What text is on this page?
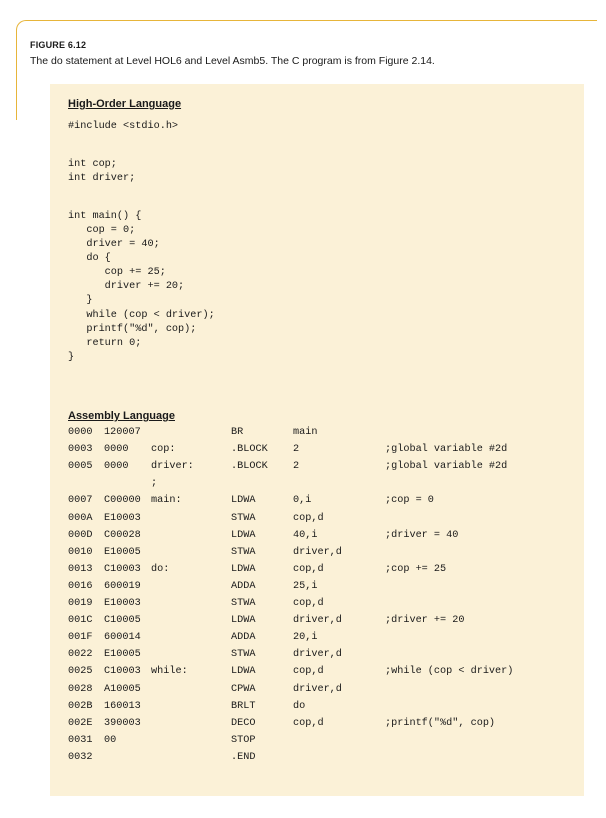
FIGURE 6.12
The do statement at Level HOL6 and Level Asmb5. The C program is from Figure 2.14.
High-Order Language
#include <stdio.h>
int cop;
int driver;
int main() {
cop = 0;
driver = 40;
do {
cop += 25;
driver += 20;
}
while (cop < driver);
printf("%d", cop);
return 0;
}
Assembly Language
0000 120007	BR	main
0003 0000 cop:	.BLOCK 2	;global variable #2d
0005 0000 driver:	.BLOCK 2	;global variable #2d
;
0007 C00000 main:	LDWA	0,i	;cop = 0
000A E10003	STWA	cop,d
000D C00028	LDWA	40,i	;driver = 40
0010 E10005	STWA	driver,d
0013 C10003 do:	LDWA	cop,d	;cop += 25
0016 600019	ADDA	25,i
0019 E10003	STWA	cop,d
001C C10005	LDWA	driver,d	;driver += 20
001F 600014	ADDA	20,i
0022 E10005	STWA	driver,d
0025 C10003 while:	LDWA	cop,d	;while (cop < driver)
0028 A10005	CPWA	driver,d
002B 160013	BRLT	do
002E 390003	DECO	cop,d	;printf("%d", cop)
0031 00	STOP
0032	.END
